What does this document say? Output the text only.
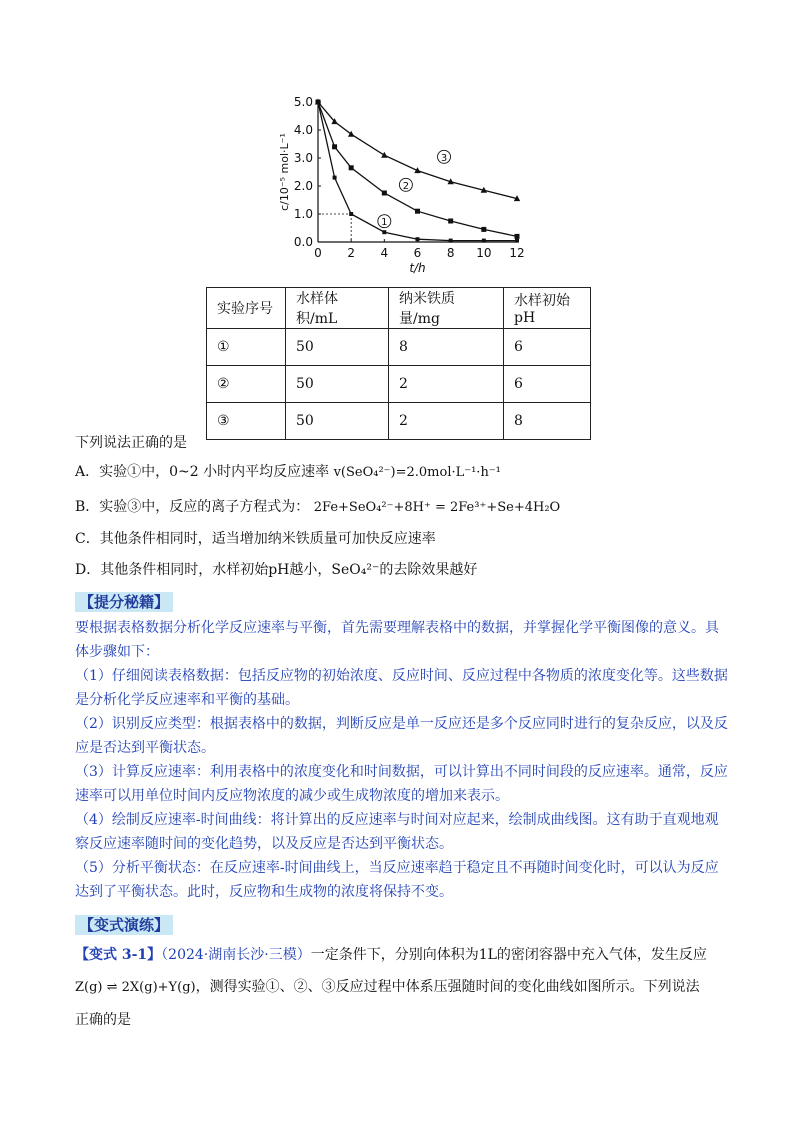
0 2 4 6 8 10 12
0.0
1.0
2.0
3.0
4.0
5.0
t/h
c/10⁻⁵ mol·L⁻¹
1
2
3
实验序号	水样体积/mL	纳米铁质量/mg	水样初始pH
①	50	8	6
②	50	2	6
③	50	2	8
下列说法正确的是
A．实验①中，0~2 小时内平均反应速率 v(SeO₄²⁻)=2.0mol·L⁻¹·h⁻¹
B．实验③中，反应的离子方程式为： 2Fe+SeO₄²⁻+8H⁺ = 2Fe³⁺+Se+4H₂O
C．其他条件相同时，适当增加纳米铁质量可加快反应速率
D．其他条件相同时，水样初始pH越小，SeO₄²⁻的去除效果越好
【提分秘籍】
要根据表格数据分析化学反应速率与平衡，首先需要理解表格中的数据，并掌握化学平衡图像的意义。具体步骤如下：
（1）仔细阅读表格数据：包括反应物的初始浓度、反应时间、反应过程中各物质的浓度变化等。这些数据是分析化学反应速率和平衡的基础。
（2）识别反应类型：根据表格中的数据，判断反应是单一反应还是多个反应同时进行的复杂反应，以及反应是否达到平衡状态。
（3）计算反应速率：利用表格中的浓度变化和时间数据，可以计算出不同时间段的反应速率。通常，反应速率可以用单位时间内反应物浓度的减少或生成物浓度的增加来表示。
（4）绘制反应速率-时间曲线：将计算出的反应速率与时间对应起来，绘制成曲线图。这有助于直观地观察反应速率随时间的变化趋势，以及反应是否达到平衡状态。
（5）分析平衡状态：在反应速率-时间曲线上，当反应速率趋于稳定且不再随时间变化时，可以认为反应达到了平衡状态。此时，反应物和生成物的浓度将保持不变。
【变式演练】
【变式 3-1】（2024·湖南长沙·三模）一定条件下，分别向体积为1L的密闭容器中充入气体，发生反应
Z(g) ⇌ 2X(g)+Y(g)，测得实验①、②、③反应过程中体系压强随时间的变化曲线如图所示。下列说法
正确的是
